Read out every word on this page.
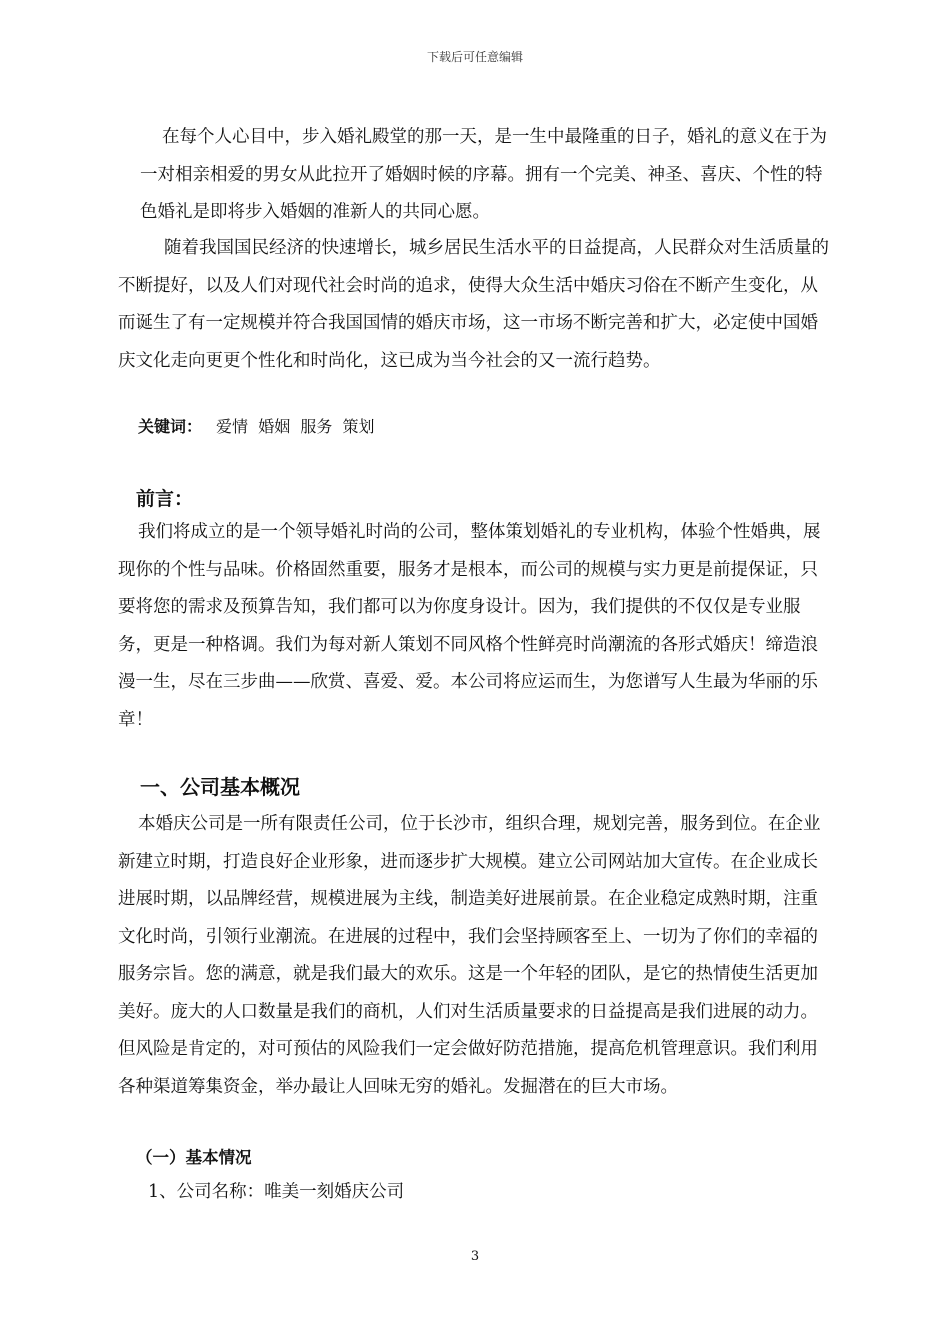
下载后可任意编辑
在每个人心目中，步入婚礼殿堂的那一天，是一生中最隆重的日子，婚礼的意义在于为一对相亲相爱的男女从此拉开了婚姻时候的序幕。拥有一个完美、神圣、喜庆、个性的特色婚礼是即将步入婚姻的准新人的共同心愿。
随着我国国民经济的快速增长，城乡居民生活水平的日益提高，人民群众对生活质量的不断提好，以及人们对现代社会时尚的追求，使得大众生活中婚庆习俗在不断产生变化，从而诞生了有一定规模并符合我国国情的婚庆市场，这一市场不断完善和扩大，必定使中国婚庆文化走向更更个性化和时尚化，这已成为当今社会的又一流行趋势。
关键词： 爱情  婚姻  服务  策划
前言：
我们将成立的是一个领导婚礼时尚的公司，整体策划婚礼的专业机构，体验个性婚典，展现你的个性与品味。价格固然重要，服务才是根本，而公司的规模与实力更是前提保证，只要将您的需求及预算告知，我们都可以为你度身设计。因为，我们提供的不仅仅是专业服务，更是一种格调。我们为每对新人策划不同风格个性鲜亮时尚潮流的各形式婚庆！缔造浪漫一生，尽在三步曲——欣赏、喜爱、爱。本公司将应运而生，为您谱写人生最为华丽的乐章！
一、公司基本概况
本婚庆公司是一所有限责任公司，位于长沙市，组织合理，规划完善，服务到位。在企业新建立时期，打造良好企业形象，进而逐步扩大规模。建立公司网站加大宣传。在企业成长进展时期，以品牌经营，规模进展为主线，制造美好进展前景。在企业稳定成熟时期，注重文化时尚，引领行业潮流。在进展的过程中，我们会坚持顾客至上、一切为了你们的幸福的服务宗旨。您的满意，就是我们最大的欢乐。这是一个年轻的团队，是它的热情使生活更加美好。庞大的人口数量是我们的商机，人们对生活质量要求的日益提高是我们进展的动力。但风险是肯定的，对可预估的风险我们一定会做好防范措施，提高危机管理意识。我们利用各种渠道筹集资金，举办最让人回味无穷的婚礼。发掘潜在的巨大市场。
（一）基本情况
1、公司名称：唯美一刻婚庆公司
3
